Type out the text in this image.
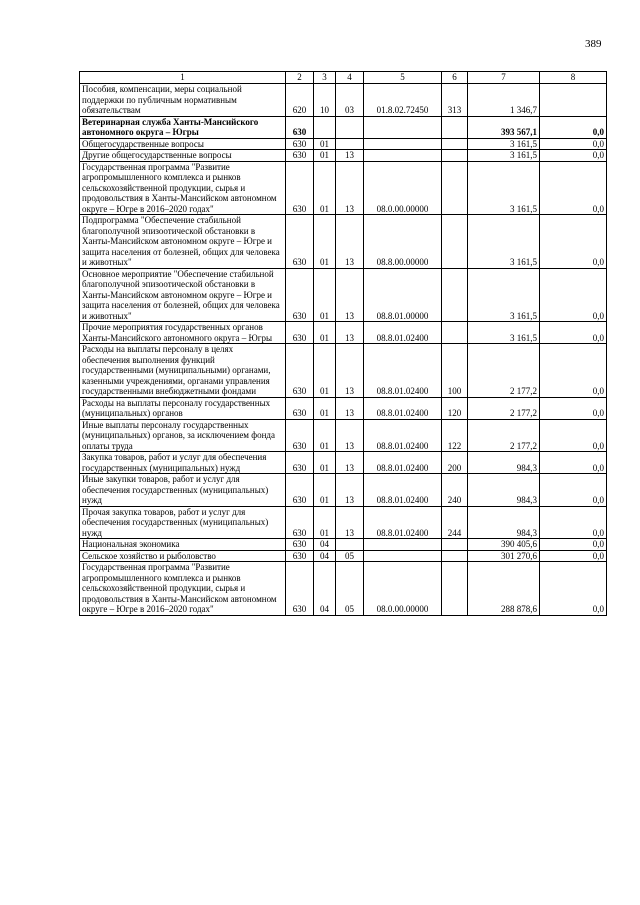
389
1	2	3	4	5	6	7	8
Пособия, компенсации, меры социальной поддержки по публичным нормативным обязательствам	620	10	03	01.8.02.72450	313	1 346,7	
Ветеринарная служба Ханты-Мансийского автономного округа – Югры	630					393 567,1	0,0
Общегосударственные вопросы	630	01				3 161,5	0,0
Другие общегосударственные вопросы	630	01	13			3 161,5	0,0
Государственная программа "Развитие агропромышленного комплекса и рынков сельскохозяйственной продукции, сырья и продовольствия в Ханты-Мансийском автономном округе – Югре в 2016–2020 годах"	630	01	13	08.0.00.00000		3 161,5	0,0
Подпрограмма "Обеспечение стабильной благополучной эпизоотической обстановки в Ханты-Мансийском автономном округе – Югре и защита населения от болезней, общих для человека и животных"	630	01	13	08.8.00.00000		3 161,5	0,0
Основное мероприятие "Обеспечение стабильной благополучной эпизоотической обстановки в Ханты-Мансийском автономном округе – Югре и защита населения от болезней, общих для человека и животных"	630	01	13	08.8.01.00000		3 161,5	0,0
Прочие мероприятия государственных органов Ханты-Мансийского автономного округа – Югры	630	01	13	08.8.01.02400		3 161,5	0,0
Расходы на выплаты персоналу в целях обеспечения выполнения функций государственными (муниципальными) органами, казенными учреждениями, органами управления государственными внебюджетными фондами	630	01	13	08.8.01.02400	100	2 177,2	0,0
Расходы на выплаты персоналу государственных (муниципальных) органов	630	01	13	08.8.01.02400	120	2 177,2	0,0
Иные выплаты персоналу государственных (муниципальных) органов, за исключением фонда оплаты труда	630	01	13	08.8.01.02400	122	2 177,2	0,0
Закупка товаров, работ и услуг для обеспечения государственных (муниципальных) нужд	630	01	13	08.8.01.02400	200	984,3	0,0
Иные закупки товаров, работ и услуг для обеспечения государственных (муниципальных) нужд	630	01	13	08.8.01.02400	240	984,3	0,0
Прочая закупка товаров, работ и услуг для обеспечения государственных (муниципальных) нужд	630	01	13	08.8.01.02400	244	984,3	0,0
Национальная экономика	630	04				390 405,6	0,0
Сельское хозяйство и рыболовство	630	04	05			301 270,6	0,0
Государственная программа "Развитие агропромышленного комплекса и рынков сельскохозяйственной продукции, сырья и продовольствия в Ханты-Мансийском автономном округе – Югре в 2016–2020 годах"	630	04	05	08.0.00.00000		288 878,6	0,0
